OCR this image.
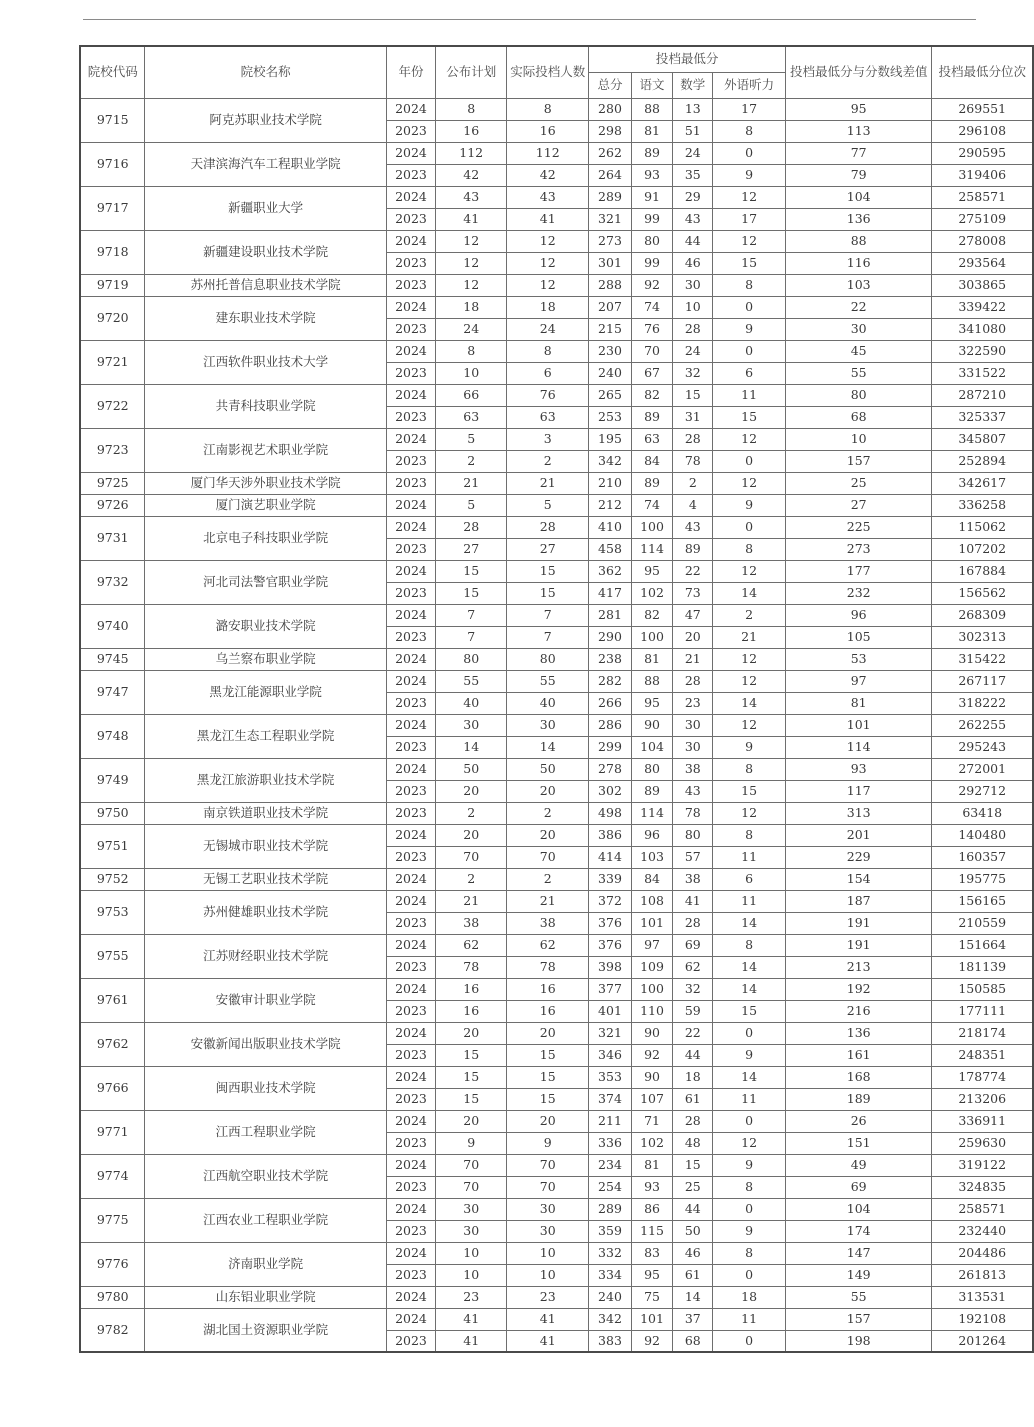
院校代码	院校名称	年份	公布计划	实际投档人数	投档最低分				投档最低分与分数线差值	投档最低分位次
					总分	语文	数学	外语听力		
9715	阿克苏职业技术学院	2024	8	8	280	88	13	17	95	269551
		2023	16	16	298	81	51	8	113	296108
9716	天津滨海汽车工程职业学院	2024	112	112	262	89	24	0	77	290595
		2023	42	42	264	93	35	9	79	319406
9717	新疆职业大学	2024	43	43	289	91	29	12	104	258571
		2023	41	41	321	99	43	17	136	275109
9718	新疆建设职业技术学院	2024	12	12	273	80	44	12	88	278008
		2023	12	12	301	99	46	15	116	293564
9719	苏州托普信息职业技术学院	2023	12	12	288	92	30	8	103	303865
9720	建东职业技术学院	2024	18	18	207	74	10	0	22	339422
		2023	24	24	215	76	28	9	30	341080
9721	江西软件职业技术大学	2024	8	8	230	70	24	0	45	322590
		2023	10	6	240	67	32	6	55	331522
9722	共青科技职业学院	2024	66	76	265	82	15	11	80	287210
		2023	63	63	253	89	31	15	68	325337
9723	江南影视艺术职业学院	2024	5	3	195	63	28	12	10	345807
		2023	2	2	342	84	78	0	157	252894
9725	厦门华天涉外职业技术学院	2023	21	21	210	89	2	12	25	342617
9726	厦门演艺职业学院	2024	5	5	212	74	4	9	27	336258
9731	北京电子科技职业学院	2024	28	28	410	100	43	0	225	115062
		2023	27	27	458	114	89	8	273	107202
9732	河北司法警官职业学院	2024	15	15	362	95	22	12	177	167884
		2023	15	15	417	102	73	14	232	156562
9740	潞安职业技术学院	2024	7	7	281	82	47	2	96	268309
		2023	7	7	290	100	20	21	105	302313
9745	乌兰察布职业学院	2024	80	80	238	81	21	12	53	315422
9747	黑龙江能源职业学院	2024	55	55	282	88	28	12	97	267117
		2023	40	40	266	95	23	14	81	318222
9748	黑龙江生态工程职业学院	2024	30	30	286	90	30	12	101	262255
		2023	14	14	299	104	30	9	114	295243
9749	黑龙江旅游职业技术学院	2024	50	50	278	80	38	8	93	272001
		2023	20	20	302	89	43	15	117	292712
9750	南京铁道职业技术学院	2023	2	2	498	114	78	12	313	63418
9751	无锡城市职业技术学院	2024	20	20	386	96	80	8	201	140480
		2023	70	70	414	103	57	11	229	160357
9752	无锡工艺职业技术学院	2024	2	2	339	84	38	6	154	195775
9753	苏州健雄职业技术学院	2024	21	21	372	108	41	11	187	156165
		2023	38	38	376	101	28	14	191	210559
9755	江苏财经职业技术学院	2024	62	62	376	97	69	8	191	151664
		2023	78	78	398	109	62	14	213	181139
9761	安徽审计职业学院	2024	16	16	377	100	32	14	192	150585
		2023	16	16	401	110	59	15	216	177111
9762	安徽新闻出版职业技术学院	2024	20	20	321	90	22	0	136	218174
		2023	15	15	346	92	44	9	161	248351
9766	闽西职业技术学院	2024	15	15	353	90	18	14	168	178774
		2023	15	15	374	107	61	11	189	213206
9771	江西工程职业学院	2024	20	20	211	71	28	0	26	336911
		2023	9	9	336	102	48	12	151	259630
9774	江西航空职业技术学院	2024	70	70	234	81	15	9	49	319122
		2023	70	70	254	93	25	8	69	324835
9775	江西农业工程职业学院	2024	30	30	289	86	44	0	104	258571
		2023	30	30	359	115	50	9	174	232440
9776	济南职业学院	2024	10	10	332	83	46	8	147	204486
		2023	10	10	334	95	61	0	149	261813
9780	山东铝业职业学院	2024	23	23	240	75	14	18	55	313531
9782	湖北国土资源职业学院	2024	41	41	342	101	37	11	157	192108
		2023	41	41	383	92	68	0	198	201264
